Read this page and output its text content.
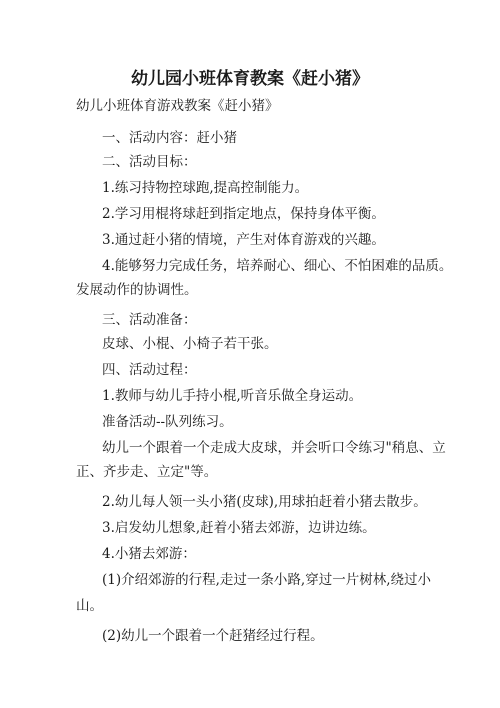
幼儿园小班体育教案《赶小猪》
幼儿小班体育游戏教案《赶小猪》
一、活动内容：赶小猪
二、活动目标：
1.练习持物控球跑,提高控制能力。
2.学习用棍将球赶到指定地点，保持身体平衡。
3.通过赶小猪的情境，产生对体育游戏的兴趣。
4.能够努力完成任务，培养耐心、细心、不怕困难的品质。
发展动作的协调性。
三、活动准备：
皮球、小棍、小椅子若干张。
四、活动过程：
1.教师与幼儿手持小棍,听音乐做全身运动。
准备活动--队列练习。
幼儿一个跟着一个走成大皮球，并会听口令练习"稍息、立
正、齐步走、立定"等。
2.幼儿每人领一头小猪(皮球),用球拍赶着小猪去散步。
3.启发幼儿想象,赶着小猪去郊游，边讲边练。
4.小猪去郊游：
(1)介绍郊游的行程,走过一条小路,穿过一片树林,绕过小
山。
(2)幼儿一个跟着一个赶猪经过行程。
